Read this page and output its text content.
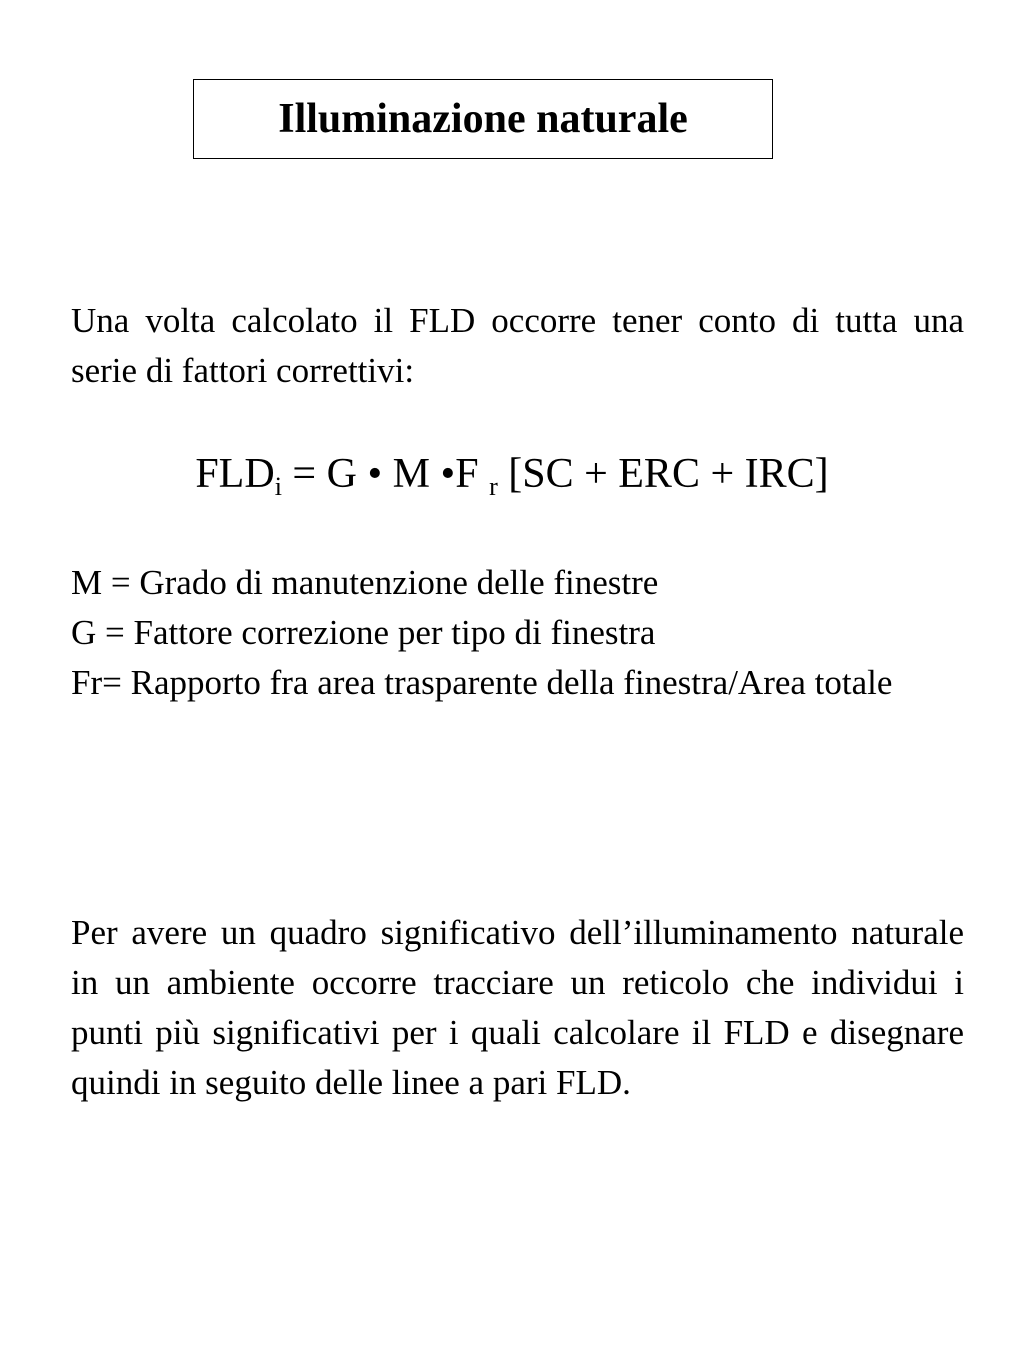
Illuminazione naturale
Una volta calcolato il FLD occorre tener conto di tutta una serie di fattori correttivi:
$FLD_i = G$ • M •F $_r$ [SC + ERC + IRC]
M = Grado di manutenzione delle finestre
G = Fattore correzione per tipo di finestra
Fr= Rapporto fra area trasparente della finestra/Area totale
Per avere un quadro significativo dell’illuminamento naturale in un ambiente occorre tracciare un reticolo che individui i punti più significativi per i quali calcolare il FLD e disegnare quindi in seguito delle linee a pari FLD.
